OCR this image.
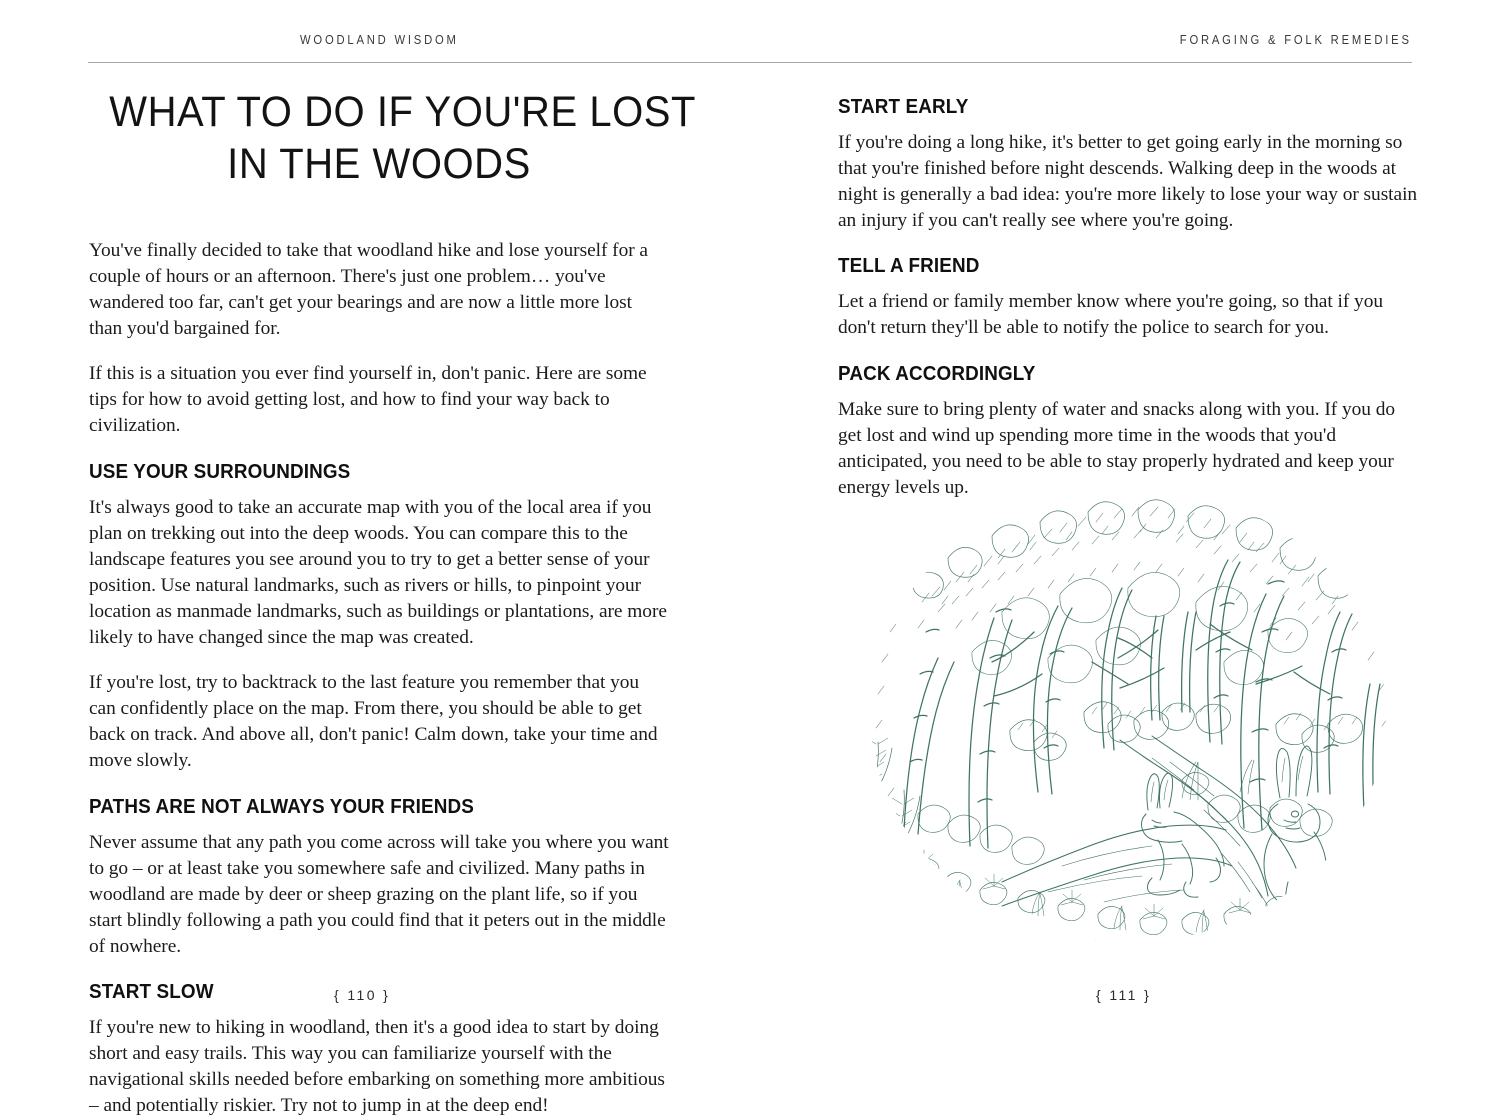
WOODLAND WISDOM	FORAGING & FOLK REMEDIES
WHAT TO DO IF YOU'RE LOST
IN THE WOODS

You've finally decided to take that woodland hike and lose yourself for a couple of hours or an afternoon. There's just one problem… you've wandered too far, can't get your bearings and are now a little more lost than you'd bargained for.

If this is a situation you ever find yourself in, don't panic. Here are some tips for how to avoid getting lost, and how to find your way back to civilization.

USE YOUR SURROUNDINGS

It's always good to take an accurate map with you of the local area if you plan on trekking out into the deep woods. You can compare this to the landscape features you see around you to try to get a better sense of your position. Use natural landmarks, such as rivers or hills, to pinpoint your location as manmade landmarks, such as buildings or plantations, are more likely to have changed since the map was created.

If you're lost, try to backtrack to the last feature you remember that you can confidently place on the map. From there, you should be able to get back on track. And above all, don't panic! Calm down, take your time and move slowly.

PATHS ARE NOT ALWAYS YOUR FRIENDS

Never assume that any path you come across will take you where you want to go – or at least take you somewhere safe and civilized. Many paths in woodland are made by deer or sheep grazing on the plant life, so if you start blindly following a path you could find that it peters out in the middle of nowhere.

START SLOW

If you're new to hiking in woodland, then it's a good idea to start by doing short and easy trails. This way you can familiarize yourself with the navigational skills needed before embarking on something more ambitious – and potentially riskier. Try not to jump in at the deep end!

START EARLY

If you're doing a long hike, it's better to get going early in the morning so that you're finished before night descends. Walking deep in the woods at night is generally a bad idea: you're more likely to lose your way or sustain an injury if you can't really see where you're going.

TELL A FRIEND

Let a friend or family member know where you're going, so that if you don't return they'll be able to notify the police to search for you.

PACK ACCORDINGLY

Make sure to bring plenty of water and snacks along with you. If you do get lost and wind up spending more time in the woods that you'd anticipated, you need to be able to stay properly hydrated and keep your energy levels up.

{ 110 }	{ 111 }
